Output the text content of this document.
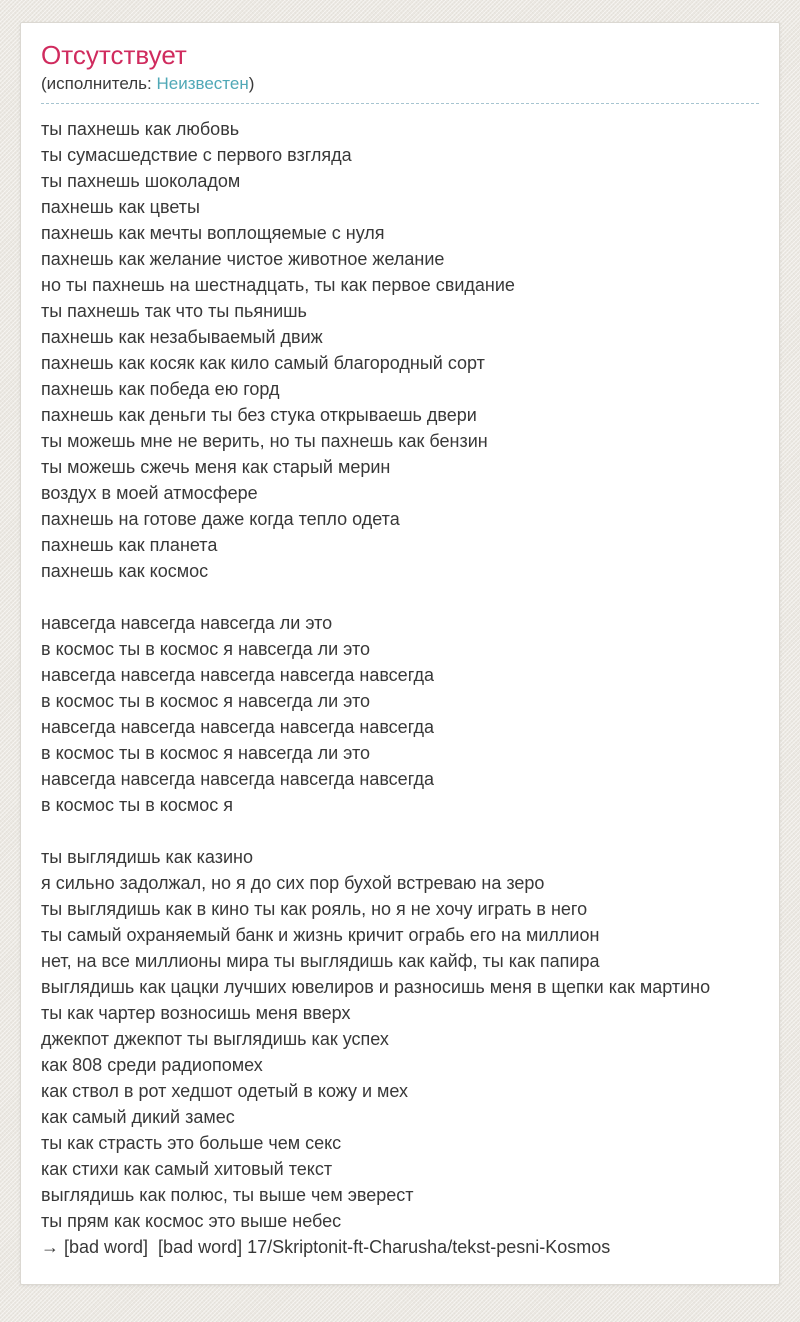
Отсутствует
(исполнитель: Неизвестен)
ты пахнешь как любовь
ты сумасшедствие с первого взгляда
ты пахнешь шоколадом
пахнешь как цветы
пахнешь как мечты воплощяемые с нуля
пахнешь как желание чистое животное желание
но ты пахнешь на шестнадцать, ты как первое свидание
ты пахнешь так что ты пьянишь
пахнешь как незабываемый движ
пахнешь как косяк как кило самый благородный сорт
пахнешь как победа ею горд
пахнешь как деньги ты без стука открываешь двери
ты можешь мне не верить, но ты пахнешь как бензин
ты можешь сжечь меня как старый мерин
воздух в моей атмосфере
пахнешь на готове даже когда тепло одета
пахнешь как планета
пахнешь как космос
навсегда навсегда навсегда ли это
в космос ты в космос я навсегда ли это
навсегда навсегда навсегда навсегда навсегда
в космос ты в космос я навсегда ли это
навсегда навсегда навсегда навсегда навсегда
в космос ты в космос я навсегда ли это
навсегда навсегда навсегда навсегда навсегда
в космос ты в космос я
ты выглядишь как казино
я сильно задолжал, но я до сих пор бухой встреваю на зеро
ты выглядишь как в кино ты как рояль, но я не хочу играть в него
ты самый охраняемый банк и жизнь кричит ограбь его на миллион
нет, на все миллионы мира ты выглядишь как кайф, ты как папира
выглядишь как цацки лучших ювелиров и разносишь меня в щепки как мартино
ты как чартер возносишь меня вверх
джекпот джекпот ты выглядишь как успех
как 808 среди радиопомех
как ствол в рот хедшот одетый в кожу и мех
как самый дикий замес
ты как страсть это больше чем секс
как стихи как самый хитовый текст
выглядишь как полюс, ты выше чем эверест
ты прям как космос это выше небес
→ [bad word]  [bad word] 17/Skriptonit-ft-Charusha/tekst-pesni-Kosmos
